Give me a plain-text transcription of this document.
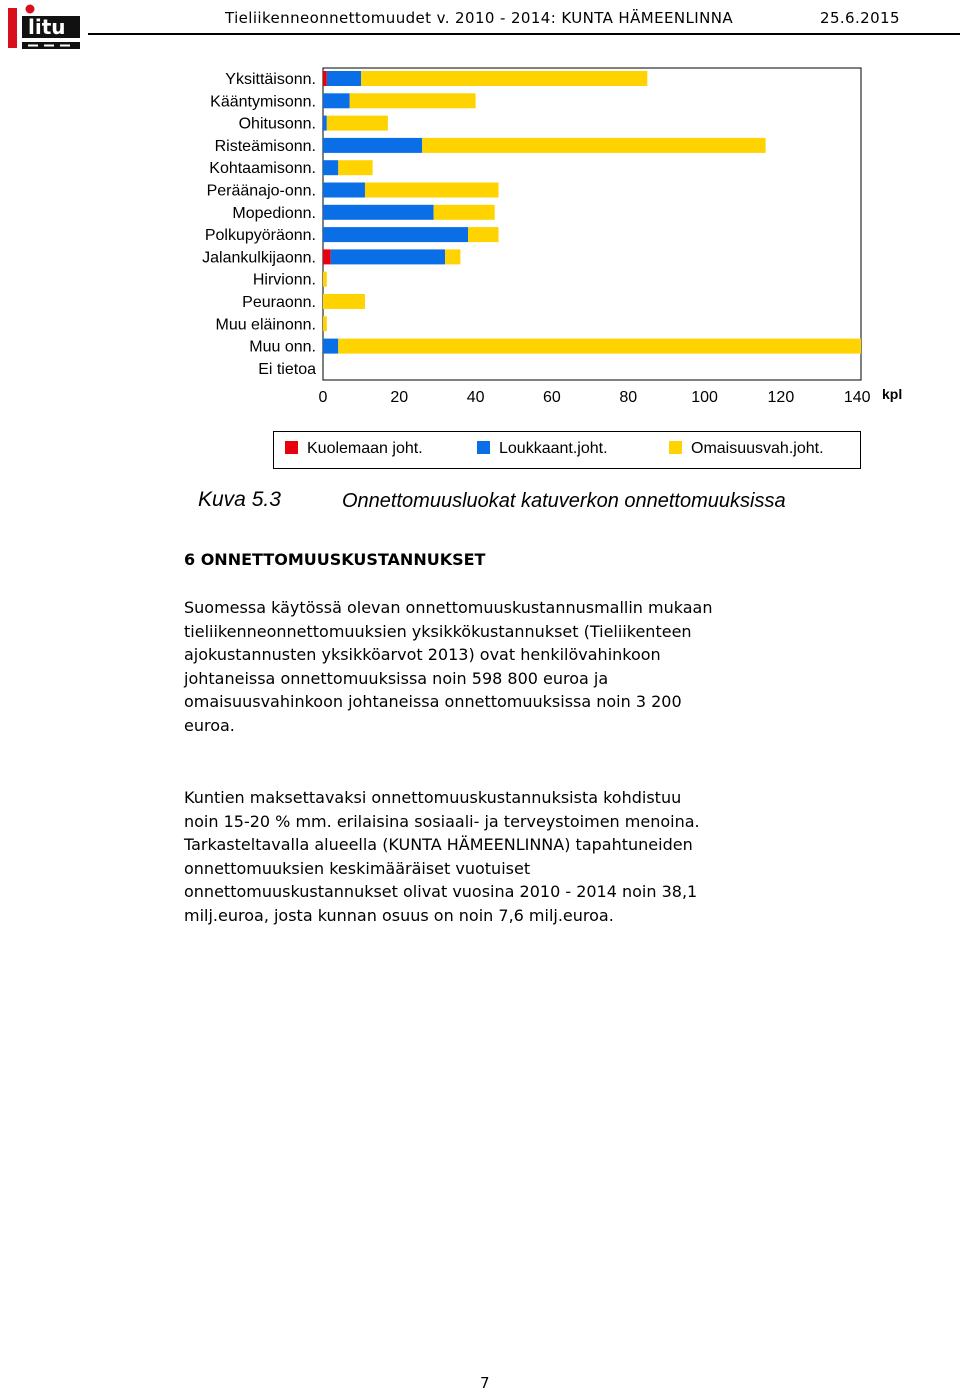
litu	Tieliikenneonnettomuudet v. 2010 - 2014: KUNTA HÄMEENLINNA	25.6.2015
Yksittäisonn.
Kääntymisonn.
Ohitusonn.
Risteämisonn.
Kohtaamisonn.
Peräänajo-onn.
Mopedionn.
Polkupyöräonn.
Jalankulkijaonn.
Hirvionn.
Peuraonn.
Muu eläinonn.
Muu onn.
Ei tietoa
0	20	40	60	80	100	120	140 kpl
Kuolemaan joht.	Loukkaant.joht.	Omaisuusvah.joht.
Kuva 5.3	Onnettomuusluokat katuverkon onnettomuuksissa
6 ONNETTOMUUSKUSTANNUKSET

Suomessa käytössä olevan onnettomuuskustannusmallin mukaan
tieliikenneonnettomuuksien yksikkökustannukset (Tieliikenteen
ajokustannusten yksikköarvot 2013) ovat henkilövahinkoon
johtaneissa onnettomuuksissa noin 598 800 euroa ja
omaisuusvahinkoon johtaneissa onnettomuuksissa noin 3 200
euroa.

Kuntien maksettavaksi onnettomuuskustannuksista kohdistuu
noin 15-20 % mm. erilaisina sosiaali- ja terveystoimen menoina.
Tarkasteltavalla alueella (KUNTA HÄMEENLINNA) tapahtuneiden
onnettomuuksien keskimääräiset vuotuiset
onnettomuuskustannukset olivat vuosina 2010 - 2014 noin 38,1
milj.euroa, josta kunnan osuus on noin 7,6 milj.euroa.

7
